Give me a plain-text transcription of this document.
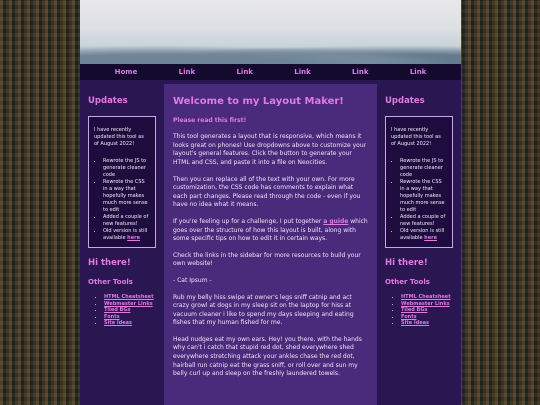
Home	Link	Link	Link	Link	Link
Updates

I have recently updated this tool as of August 2022!

• Rewrote the JS to generate cleaner code
• Rewrote the CSS in a way that hopefully makes much more sense to edit
• Added a couple of new features!
• Old version is still available here
Hi there!
Other Tools
• HTML Cheatsheet
• Webmaster Links
• Tiled BGs
• Fonts
• Site Ideas
Welcome to my Layout Maker!
Please read this first!

This tool generates a layout that is responsive, which means it looks great on phones! Use dropdowns above to customize your layout's general features. Click the button to generate your HTML and CSS, and paste it into a file on Neocities.

Then you can replace all of the text with your own. For more customization, the CSS code has comments to explain what each part changes. Please read through the code - even if you have no idea what it means.

If you're feeling up for a challenge, I put together a guide which goes over the structure of how this layout is built, along with some specific tips on how to edit it in certain ways.

Check the links in the sidebar for more resources to build your own website!

- Cat Ipsum -

Rub my belly hiss swipe at owner's legs sniff catnip and act crazy growl at dogs in my sleep sit on the laptop for hiss at vacuum cleaner i like to spend my days sleeping and eating fishes that my human fished for me.

Head nudges eat my own ears. Hey! you there, with the hands why can't i catch that stupid red dot, shed everywhere shed everywhere stretching attack your ankles chase the red dot, hairball run catnip eat the grass sniff, or roll over and sun my belly curl up and sleep on the freshly laundered towels.

Updates

I have recently updated this tool as of August 2022!

• Rewrote the JS to generate cleaner code
• Rewrote the CSS in a way that hopefully makes much more sense to edit
• Added a couple of new features!
• Old version is still available here
Hi there!
Other Tools
• HTML Cheatsheet
• Webmaster Links
• Tiled BGs
• Fonts
• Site Ideas
